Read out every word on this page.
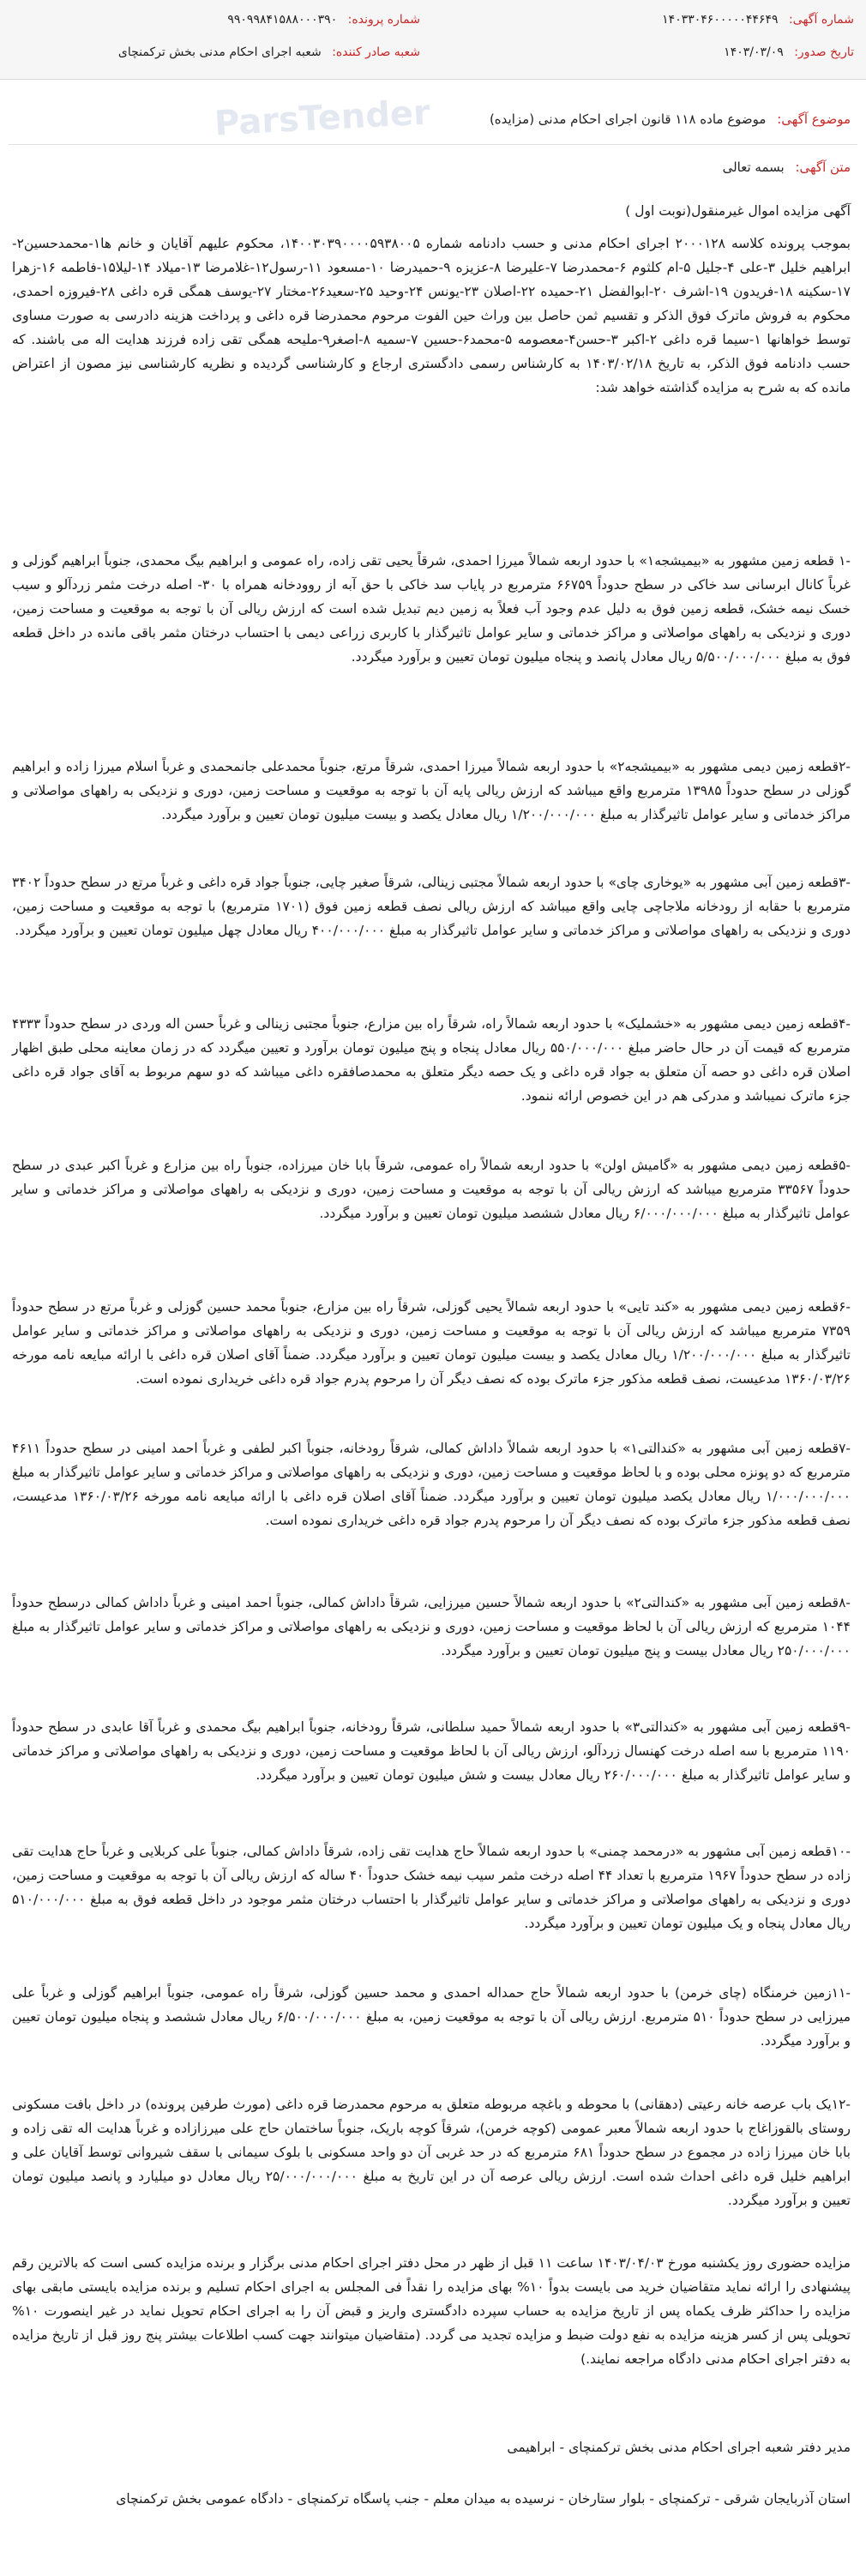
شماره آگهی: ۱۴۰۳۳۰۴۶۰۰۰۰۰۴۴۶۴۹
تاریخ صدور: ۱۴۰۳/۰۳/۰۹
شماره پرونده: ۹۹۰۹۹۸۴۱۵۸۸۰۰۰۳۹۰
شعبه صادر کننده: شعبه اجرای احکام مدنی بخش ترکمنچای
موضوع آگهی: موضوع ماده ۱۱۸ قانون اجرای احکام مدنی (مزایده)
ParsTender
متن آگهی: بسمه تعالی

آگهی مزایده اموال غیرمنقول(نوبت اول )

بموجب پرونده کلاسه ۲۰۰۰۱۲۸ اجرای احکام مدنی و حسب دادنامه شماره ۱۴۰۰۳۰۳۹۰۰۰۰۵۹۳۸۰۰۵، محکوم علیهم آقایان و خانم ها۱-محمدحسین۲-ابراهیم خلیل ۳-علی ۴-جلیل ۵-ام کلثوم ۶-محمدرضا ۷-علیرضا ۸-عزیزه ۹-حمیدرضا ۱۰-مسعود ۱۱-رسول۱۲-غلامرضا ۱۳-میلاد ۱۴-لیلا۱۵-فاطمه ۱۶-زهرا ۱۷-سکینه ۱۸-فریدون ۱۹-اشرف ۲۰-ابوالفضل ۲۱-حمیده ۲۲-اصلان ۲۳-یونس ۲۴-وحید ۲۵-سعید۲۶-مختار ۲۷-یوسف همگی قره داغی ۲۸-فیروزه احمدی، محکوم به فروش ماترک فوق الذکر و تقسیم ثمن حاصل بین وراث حین الفوت مرحوم محمدرضا قره داغی و پرداخت هزینه دادرسی به صورت مساوی توسط خواهانها ۱-سیما قره داغی ۲-اکبر ۳-حسن۴-معصومه ۵-محمد۶-حسین ۷-سمیه ۸-اصغر۹-ملیحه همگی تقی زاده فرزند هدایت اله می باشند. که حسب دادنامه فوق الذکر، به تاریخ ۱۴۰۳/۰۲/۱۸ به کارشناس رسمی دادگستری ارجاع و کارشناسی گردیده و نظریه کارشناسی نیز مصون از اعتراض مانده که به شرح به مزایده گذاشته خواهد شد:

-۱ قطعه زمین مشهور به «بیمیشجه۱» با حدود اربعه شمالاً میرزا احمدی، شرقاً یحیی تقی زاده، راه عمومی و ابراهیم بیگ محمدی، جنوباً ابراهیم گوزلی و غرباً کانال ابرسانی سد خاکی در سطح حدوداً ۶۶۷۵۹ مترمربع در پایاب سد خاکی با حق آبه از روودخانه همراه با ۳۰- اصله درخت مثمر زردآلو و سیب خسک نیمه خشک، قطعه زمین فوق به دلیل عدم وجود آب فعلاً به زمین دیم تبدیل شده است که ارزش ریالی آن با توجه به موقعیت و مساحت زمین، دوری و نزدیکی به راههای مواصلاتی و مراکز خدماتی و سایر عوامل تاثیرگذار با کاربری زراعی دیمی با احتساب درختان مثمر باقی مانده در داخل قطعه فوق به مبلغ ۵/۵۰۰/۰۰۰/۰۰۰ ریال معادل پانصد و پنجاه میلیون تومان تعیین و برآورد میگردد.

-۲قطعه زمین دیمی مشهور به «بیمیشجه۲» با حدود اربعه شمالاً میرزا احمدی، شرقاً مرتع، جنوباً محمدعلی جانمحمدی و غرباً اسلام میرزا زاده و ابراهیم گوزلی در سطح حدوداً ۱۳۹۸۵ مترمربع واقع میباشد که ارزش ریالی پایه آن با توجه به موقعیت و مساحت زمین، دوری و نزدیکی به راههای مواصلاتی و مراکز خدماتی و سایر عوامل تاثیرگذار به مبلغ ۱/۲۰۰/۰۰۰/۰۰۰ ریال معادل یکصد و بیست میلیون تومان تعیین و برآورد میگردد.

-۳قطعه زمین آبی مشهور به «یوخاری چای» با حدود اربعه شمالاً مجتبی زینالی، شرقاً صغیر چایی، جنوباً جواد قره داغی و غرباً مرتع در سطح حدوداً ۳۴۰۲ مترمربع با حقابه از رودخانه ملاجاچی چایی واقع میباشد که ارزش ریالی نصف قطعه زمین فوق (۱۷۰۱ مترمربع) با توجه به موقعیت و مساحت زمین، دوری و نزدیکی به راههای مواصلاتی و مراکز خدماتی و سایر عوامل تاثیرگذار به مبلغ ۴۰۰/۰۰۰/۰۰۰ ریال معادل چهل میلیون تومان تعیین و برآورد میگردد.

-۴قطعه زمین دیمی مشهور به «خشملیک» با حدود اربعه شمالاً راه، شرقاً راه بین مزارع، جنوباً مجتبی زینالی و غرباً حسن اله وردی در سطح حدوداً ۴۳۳۳ مترمربع که قیمت آن در حال حاضر مبلغ ۵۵۰/۰۰۰/۰۰۰ ریال معادل پنجاه و پنج میلیون تومان برآورد و تعیین میگردد که در زمان معاینه محلی طبق اظهار اصلان قره داغی دو حصه آن متعلق به جواد قره داغی و یک حصه دیگر متعلق به محمدصافقره داغی میباشد که دو سهم مربوط به آقای جواد قره داغی جزء ماترک نمیباشد و مدرکی هم در این خصوص ارائه ننمود.

-۵قطعه زمین دیمی مشهور به «گامیش اولن» با حدود اربعه شمالاً راه عمومی، شرقاً بابا خان میرزاده، جنوباً راه بین مزارع و غرباً اکبر عبدی در سطح حدوداً ۳۳۵۶۷ مترمربع میباشد که ارزش ریالی آن با توجه به موقعیت و مساحت زمین، دوری و نزدیکی به راههای مواصلاتی و مراکز خدماتی و سایر عوامل تاثیرگذار به مبلغ ۶/۰۰۰/۰۰۰/۰۰۰ ریال معادل ششصد میلیون تومان تعیین و برآورد میگردد.

-۶قطعه زمین دیمی مشهور به «کند تایی» با حدود اربعه شمالاً یحیی گوزلی، شرقاً راه بین مزارع، جنوباً محمد حسین گوزلی و غرباً مرتع در سطح حدوداً ۷۳۵۹ مترمربع میباشد که ارزش ریالی آن با توجه به موقعیت و مساحت زمین، دوری و نزدیکی به راههای مواصلاتی و مراکز خدماتی و سایر عوامل تاثیرگذار به مبلغ ۱/۲۰۰/۰۰۰/۰۰۰ ریال معادل یکصد و بیست میلیون تومان تعیین و برآورد میگردد. ضمناً آقای اصلان قره داغی با ارائه مبایعه نامه مورخه ۱۳۶۰/۰۳/۲۶ مدعیست، نصف قطعه مذکور جزء ماترک بوده که نصف دیگر آن را مرحوم پدرم جواد قره داغی خریداری نموده است.

-۷قطعه زمین آبی مشهور به «کندالتی۱» با حدود اربعه شمالاً داداش کمالی، شرقاً رودخانه، جنوباً اکبر لطفی و غرباً احمد امینی در سطح حدوداً ۴۶۱۱ مترمربع که دو پونزه محلی بوده و با لحاظ موقعیت و مساحت زمین، دوری و نزدیکی به راههای مواصلاتی و مراکز خدماتی و سایر عوامل تاثیرگذار به مبلغ ۱/۰۰۰/۰۰۰/۰۰۰ ریال معادل یکصد میلیون تومان تعیین و برآورد میگردد. ضمناً آقای اصلان قره داغی با ارائه مبایعه نامه مورخه ۱۳۶۰/۰۳/۲۶ مدعیست، نصف قطعه مذکور جزء ماترک بوده که نصف دیگر آن را مرحوم پدرم جواد قره داغی خریداری نموده است.

-۸قطعه زمین آبی مشهور به «کندالتی۲» با حدود اربعه شمالاً حسین میرزایی، شرقاً داداش کمالی، جنوباً احمد امینی و غرباً داداش کمالی درسطح حدوداً ۱۰۴۴ مترمربع که ارزش ریالی آن با لحاظ موقعیت و مساحت زمین، دوری و نزدیکی به راههای مواصلاتی و مراکز خدماتی و سایر عوامل تاثیرگذار به مبلغ ۲۵۰/۰۰۰/۰۰۰ ریال معادل بیست و پنج میلیون تومان تعیین و برآورد میگردد.

-۹قطعه زمین آبی مشهور به «کندالتی۳» با حدود اربعه شمالاً حمید سلطانی، شرقاً رودخانه، جنوباً ابراهیم بیگ محمدی و غرباً آقا عابدی در سطح حدوداً ۱۱۹۰ مترمربع با سه اصله درخت کهنسال زردآلو، ارزش ریالی آن با لحاظ موقعیت و مساحت زمین، دوری و نزدیکی به راههای مواصلاتی و مراکز خدماتی و سایر عوامل تاثیرگذار به مبلغ ۲۶۰/۰۰۰/۰۰۰ ریال معادل بیست و شش میلیون تومان تعیین و برآورد میگردد.

-۱۰قطعه زمین آبی مشهور به «درمحمد چمنی» با حدود اربعه شمالاً حاج هدایت تقی زاده، شرقاً داداش کمالی، جنوباً علی کربلایی و غرباً حاج هدایت تقی زاده در سطح حدوداً ۱۹۶۷ مترمربع با تعداد ۴۴ اصله درخت مثمر سیب نیمه خشک حدوداً ۴۰ ساله که ارزش ریالی آن با توجه به موقعیت و مساحت زمین، دوری و نزدیکی به راههای مواصلاتی و مراکز خدماتی و سایر عوامل تاثیرگذار با احتساب درختان مثمر موجود در داخل قطعه فوق به مبلغ ۵۱۰/۰۰۰/۰۰۰ ریال معادل پنجاه و یک میلیون تومان تعیین و برآورد میگردد.

-۱۱زمین خرمنگاه (چای خرمن) با حدود اربعه شمالاً حاج حمداله احمدی و محمد حسین گوزلی، شرقاً راه عمومی، جنوباً ابراهیم گوزلی و غرباً علی میرزایی در سطح حدوداً ۵۱۰ مترمربع. ارزش ریالی آن با توجه به موقعیت زمین، به مبلغ ۶/۵۰۰/۰۰۰/۰۰۰ ریال معادل ششصد و پنجاه میلیون تومان تعیین و برآورد میگردد.

-۱۲یک باب عرصه خانه رعیتی (دهقانی) با محوطه و باغچه مربوطه متعلق به مرحوم محمدرضا قره داغی (مورث طرفین پرونده) در داخل بافت مسکونی روستای بالقوزاغاج با حدود اربعه شمالاً معبر عمومی (کوچه خرمن)، شرقاً کوچه باریک، جنوباً ساختمان حاج علی میرزازاده و غرباً هدایت اله تقی زاده و بابا خان میرزا زاده در مجموع در سطح حدوداً ۶۸۱ مترمربع که در حد غربی آن دو واحد مسکونی با بلوک سیمانی با سقف شیروانی توسط آقایان علی و ابراهیم خلیل قره داغی احداث شده است. ارزش ریالی عرصه آن در این تاریخ به مبلغ ۲۵/۰۰۰/۰۰۰/۰۰۰ ریال معادل دو میلیارد و پانصد میلیون تومان تعیین و برآورد میگردد.

مزایده حضوری روز یکشنبه مورخ ۱۴۰۳/۰۴/۰۳ ساعت ۱۱ قبل از ظهر در محل دفتر اجرای احکام مدنی برگزار و برنده مزایده کسی است که بالاترین رقم پیشنهادی را ارائه نماید متقاضیان خرید می بایست بدواً ۱۰% بهای مزایده را نقداً فی المجلس به اجرای احکام تسلیم و برنده مزایده بایستی مابقی بهای مزایده را حداکثر ظرف یکماه پس از تاریخ مزایده به حساب سپرده دادگستری واریز و قبض آن را به اجرای احکام تحویل نماید در غیر اینصورت ۱۰% تحویلی پس از کسر هزینه مزایده به نفع دولت ضبط و مزایده تجدید می گردد. (متقاضیان میتوانند جهت کسب اطلاعات بیشتر پنج روز قبل از تاریخ مزایده به دفتر اجرای احکام مدنی دادگاه مراجعه نمایند.)

مدیر دفتر شعبه اجرای احکام مدنی بخش ترکمنچای - ابراهیمی

استان آذربایجان شرقی - ترکمنچای - بلوار ستارخان - نرسیده به میدان معلم - جنب پاسگاه ترکمنچای - دادگاه عمومی بخش ترکمنچای
